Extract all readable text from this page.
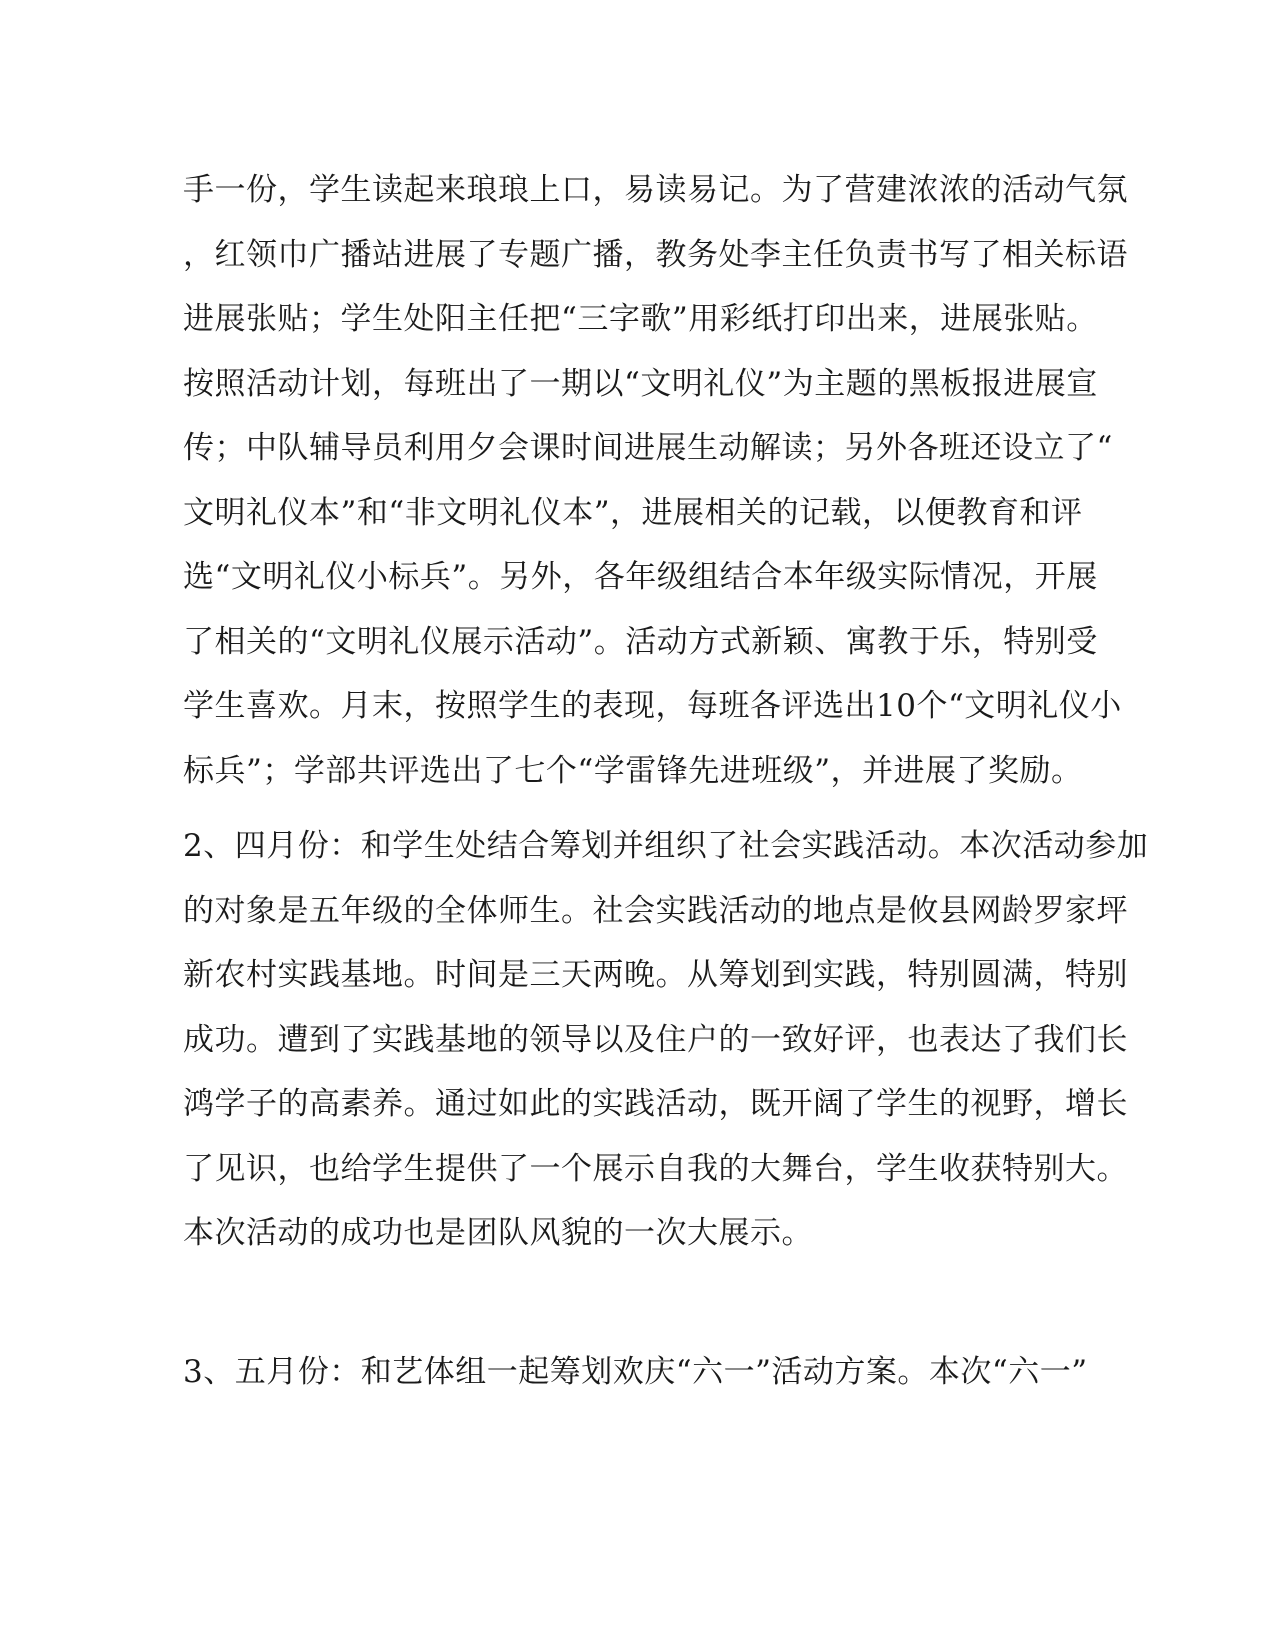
手一份，学生读起来琅琅上口，易读易记。为了营建浓浓的活动气氛
，红领巾广播站进展了专题广播，教务处李主任负责书写了相关标语
进展张贴；学生处阳主任把“三字歌”用彩纸打印出来，进展张贴。
按照活动计划，每班出了一期以“文明礼仪”为主题的黑板报进展宣
传；中队辅导员利用夕会课时间进展生动解读；另外各班还设立了“
文明礼仪本”和“非文明礼仪本”，进展相关的记载，以便教育和评
选“文明礼仪小标兵”。另外，各年级组结合本年级实际情况，开展
了相关的“文明礼仪展示活动”。活动方式新颖、寓教于乐，特别受
学生喜欢。月末，按照学生的表现，每班各评选出10个“文明礼仪小
标兵”；学部共评选出了七个“学雷锋先进班级”，并进展了奖励。
2、四月份：和学生处结合筹划并组织了社会实践活动。本次活动参加
的对象是五年级的全体师生。社会实践活动的地点是攸县网龄罗家坪
新农村实践基地。时间是三天两晚。从筹划到实践，特别圆满，特别
成功。遭到了实践基地的领导以及住户的一致好评，也表达了我们长
鸿学子的高素养。通过如此的实践活动，既开阔了学生的视野，增长
了见识，也给学生提供了一个展示自我的大舞台，学生收获特别大。
本次活动的成功也是团队风貌的一次大展示。
3、五月份：和艺体组一起筹划欢庆“六一”活动方案。本次“六一”
